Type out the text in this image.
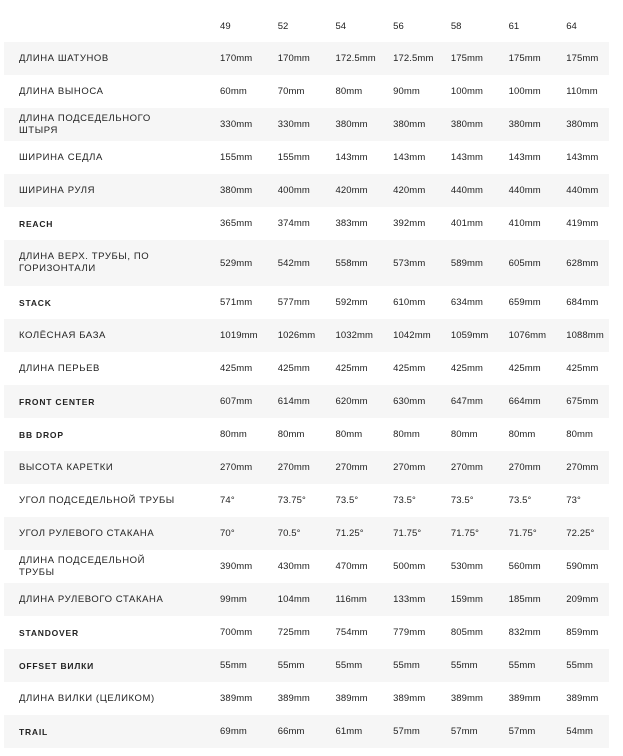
	49	52	54	56	58	61	64
ДЛИНА ШАТУНОВ	170mm	170mm	172.5mm	172.5mm	175mm	175mm	175mm
ДЛИНА ВЫНОСА	60mm	70mm	80mm	90mm	100mm	100mm	110mm
ДЛИНА ПОДСЕДЕЛЬНОГО ШТЫРЯ	330mm	330mm	380mm	380mm	380mm	380mm	380mm
ШИРИНА СЕДЛА	155mm	155mm	143mm	143mm	143mm	143mm	143mm
ШИРИНА РУЛЯ	380mm	400mm	420mm	420mm	440mm	440mm	440mm
REACH	365mm	374mm	383mm	392mm	401mm	410mm	419mm
ДЛИНА ВЕРХ. ТРУБЫ, ПО ГОРИЗОНТАЛИ	529mm	542mm	558mm	573mm	589mm	605mm	628mm
STACK	571mm	577mm	592mm	610mm	634mm	659mm	684mm
КОЛЁСНАЯ БАЗА	1019mm	1026mm	1032mm	1042mm	1059mm	1076mm	1088mm
ДЛИНА ПЕРЬЕВ	425mm	425mm	425mm	425mm	425mm	425mm	425mm
FRONT CENTER	607mm	614mm	620mm	630mm	647mm	664mm	675mm
BB DROP	80mm	80mm	80mm	80mm	80mm	80mm	80mm
ВЫСОТА КАРЕТКИ	270mm	270mm	270mm	270mm	270mm	270mm	270mm
УГОЛ ПОДСЕДЕЛЬНОЙ ТРУБЫ	74°	73.75°	73.5°	73.5°	73.5°	73.5°	73°
УГОЛ РУЛЕВОГО СТАКАНА	70°	70.5°	71.25°	71.75°	71.75°	71.75°	72.25°
ДЛИНА ПОДСЕДЕЛЬНОЙ ТРУБЫ	390mm	430mm	470mm	500mm	530mm	560mm	590mm
ДЛИНА РУЛЕВОГО СТАКАНА	99mm	104mm	116mm	133mm	159mm	185mm	209mm
STANDOVER	700mm	725mm	754mm	779mm	805mm	832mm	859mm
OFFSET ВИЛКИ	55mm	55mm	55mm	55mm	55mm	55mm	55mm
ДЛИНА ВИЛКИ (ЦЕЛИКОМ)	389mm	389mm	389mm	389mm	389mm	389mm	389mm
TRAIL	69mm	66mm	61mm	57mm	57mm	57mm	54mm
